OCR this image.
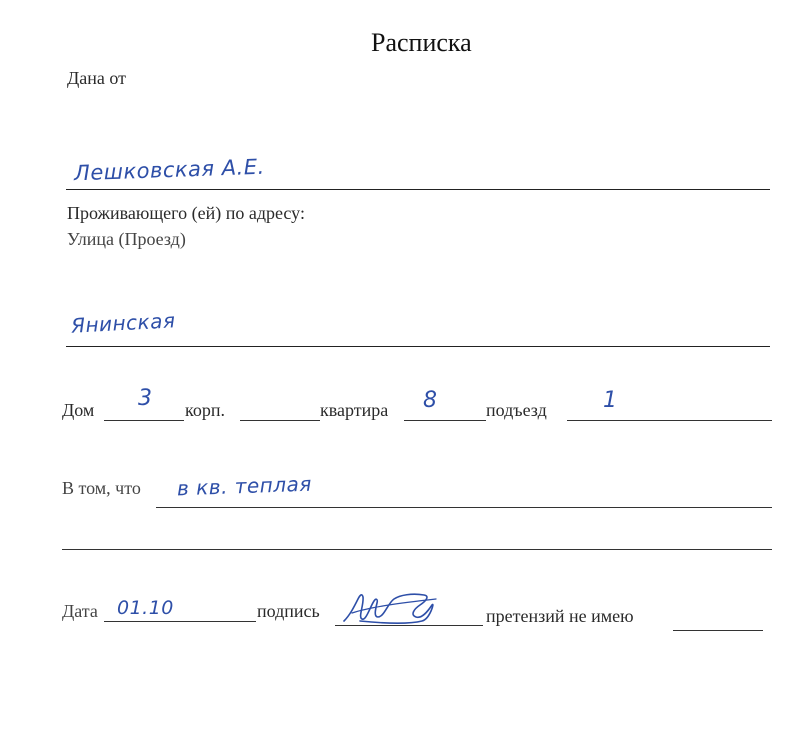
Расписка
Дана от
Лешковская А.Е.
Проживающего (ей) по адресу:
Улица (Проезд)
Янинская
Дом 3 корп.	квартира 8	подъезд	1
В том, что в кв. теплая
Дата 01.10	подпись	претензий не имею
